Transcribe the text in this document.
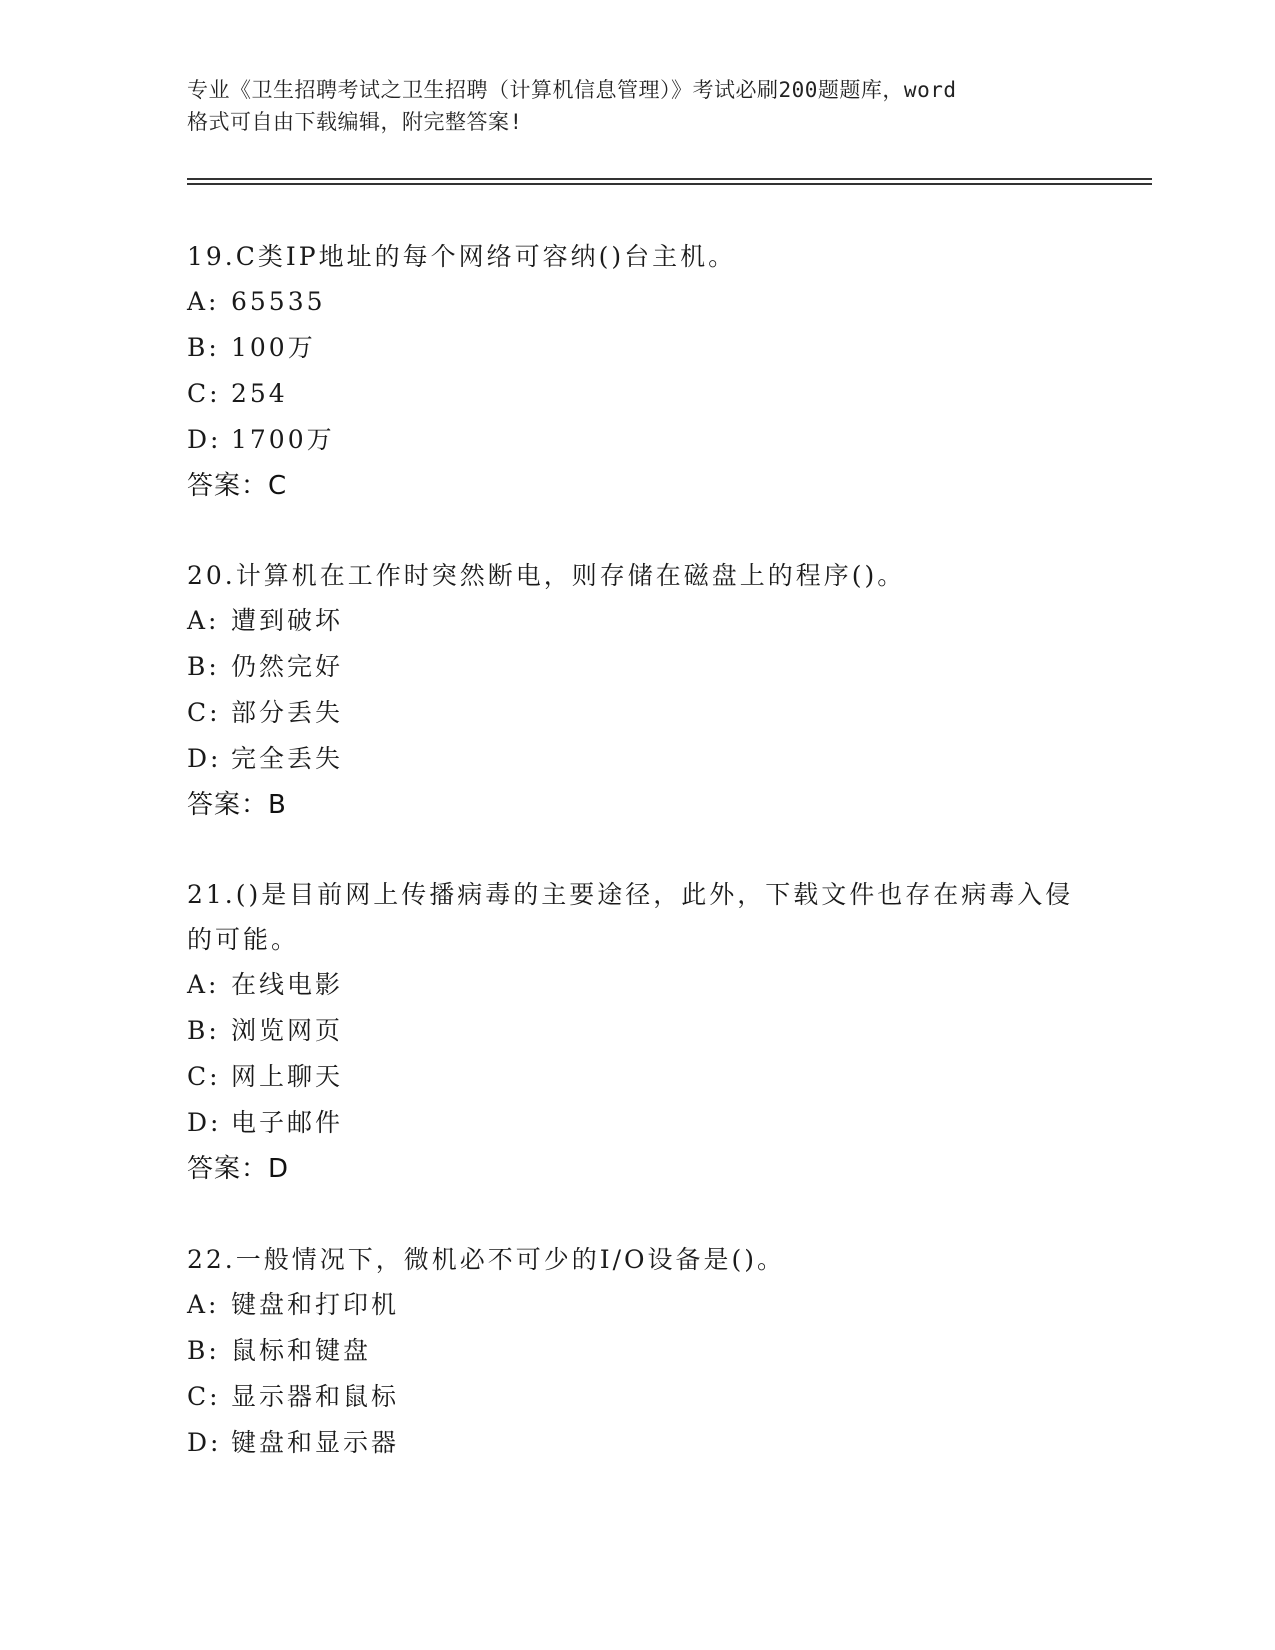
专业《卫生招聘考试之卫生招聘（计算机信息管理）》考试必刷200题题库，word
格式可自由下载编辑，附完整答案!
19.C类IP地址的每个网络可容纳()台主机。
A: 65535
B: 100万
C: 254
D: 1700万
答案：C
20.计算机在工作时突然断电，则存储在磁盘上的程序()。
A: 遭到破坏
B: 仍然完好
C: 部分丢失
D: 完全丢失
答案：B
21.()是目前网上传播病毒的主要途径，此外，下载文件也存在病毒入侵的可能。
A: 在线电影
B: 浏览网页
C: 网上聊天
D: 电子邮件
答案：D
22.一般情况下，微机必不可少的I/O设备是()。
A: 键盘和打印机
B: 鼠标和键盘
C: 显示器和鼠标
D: 键盘和显示器
